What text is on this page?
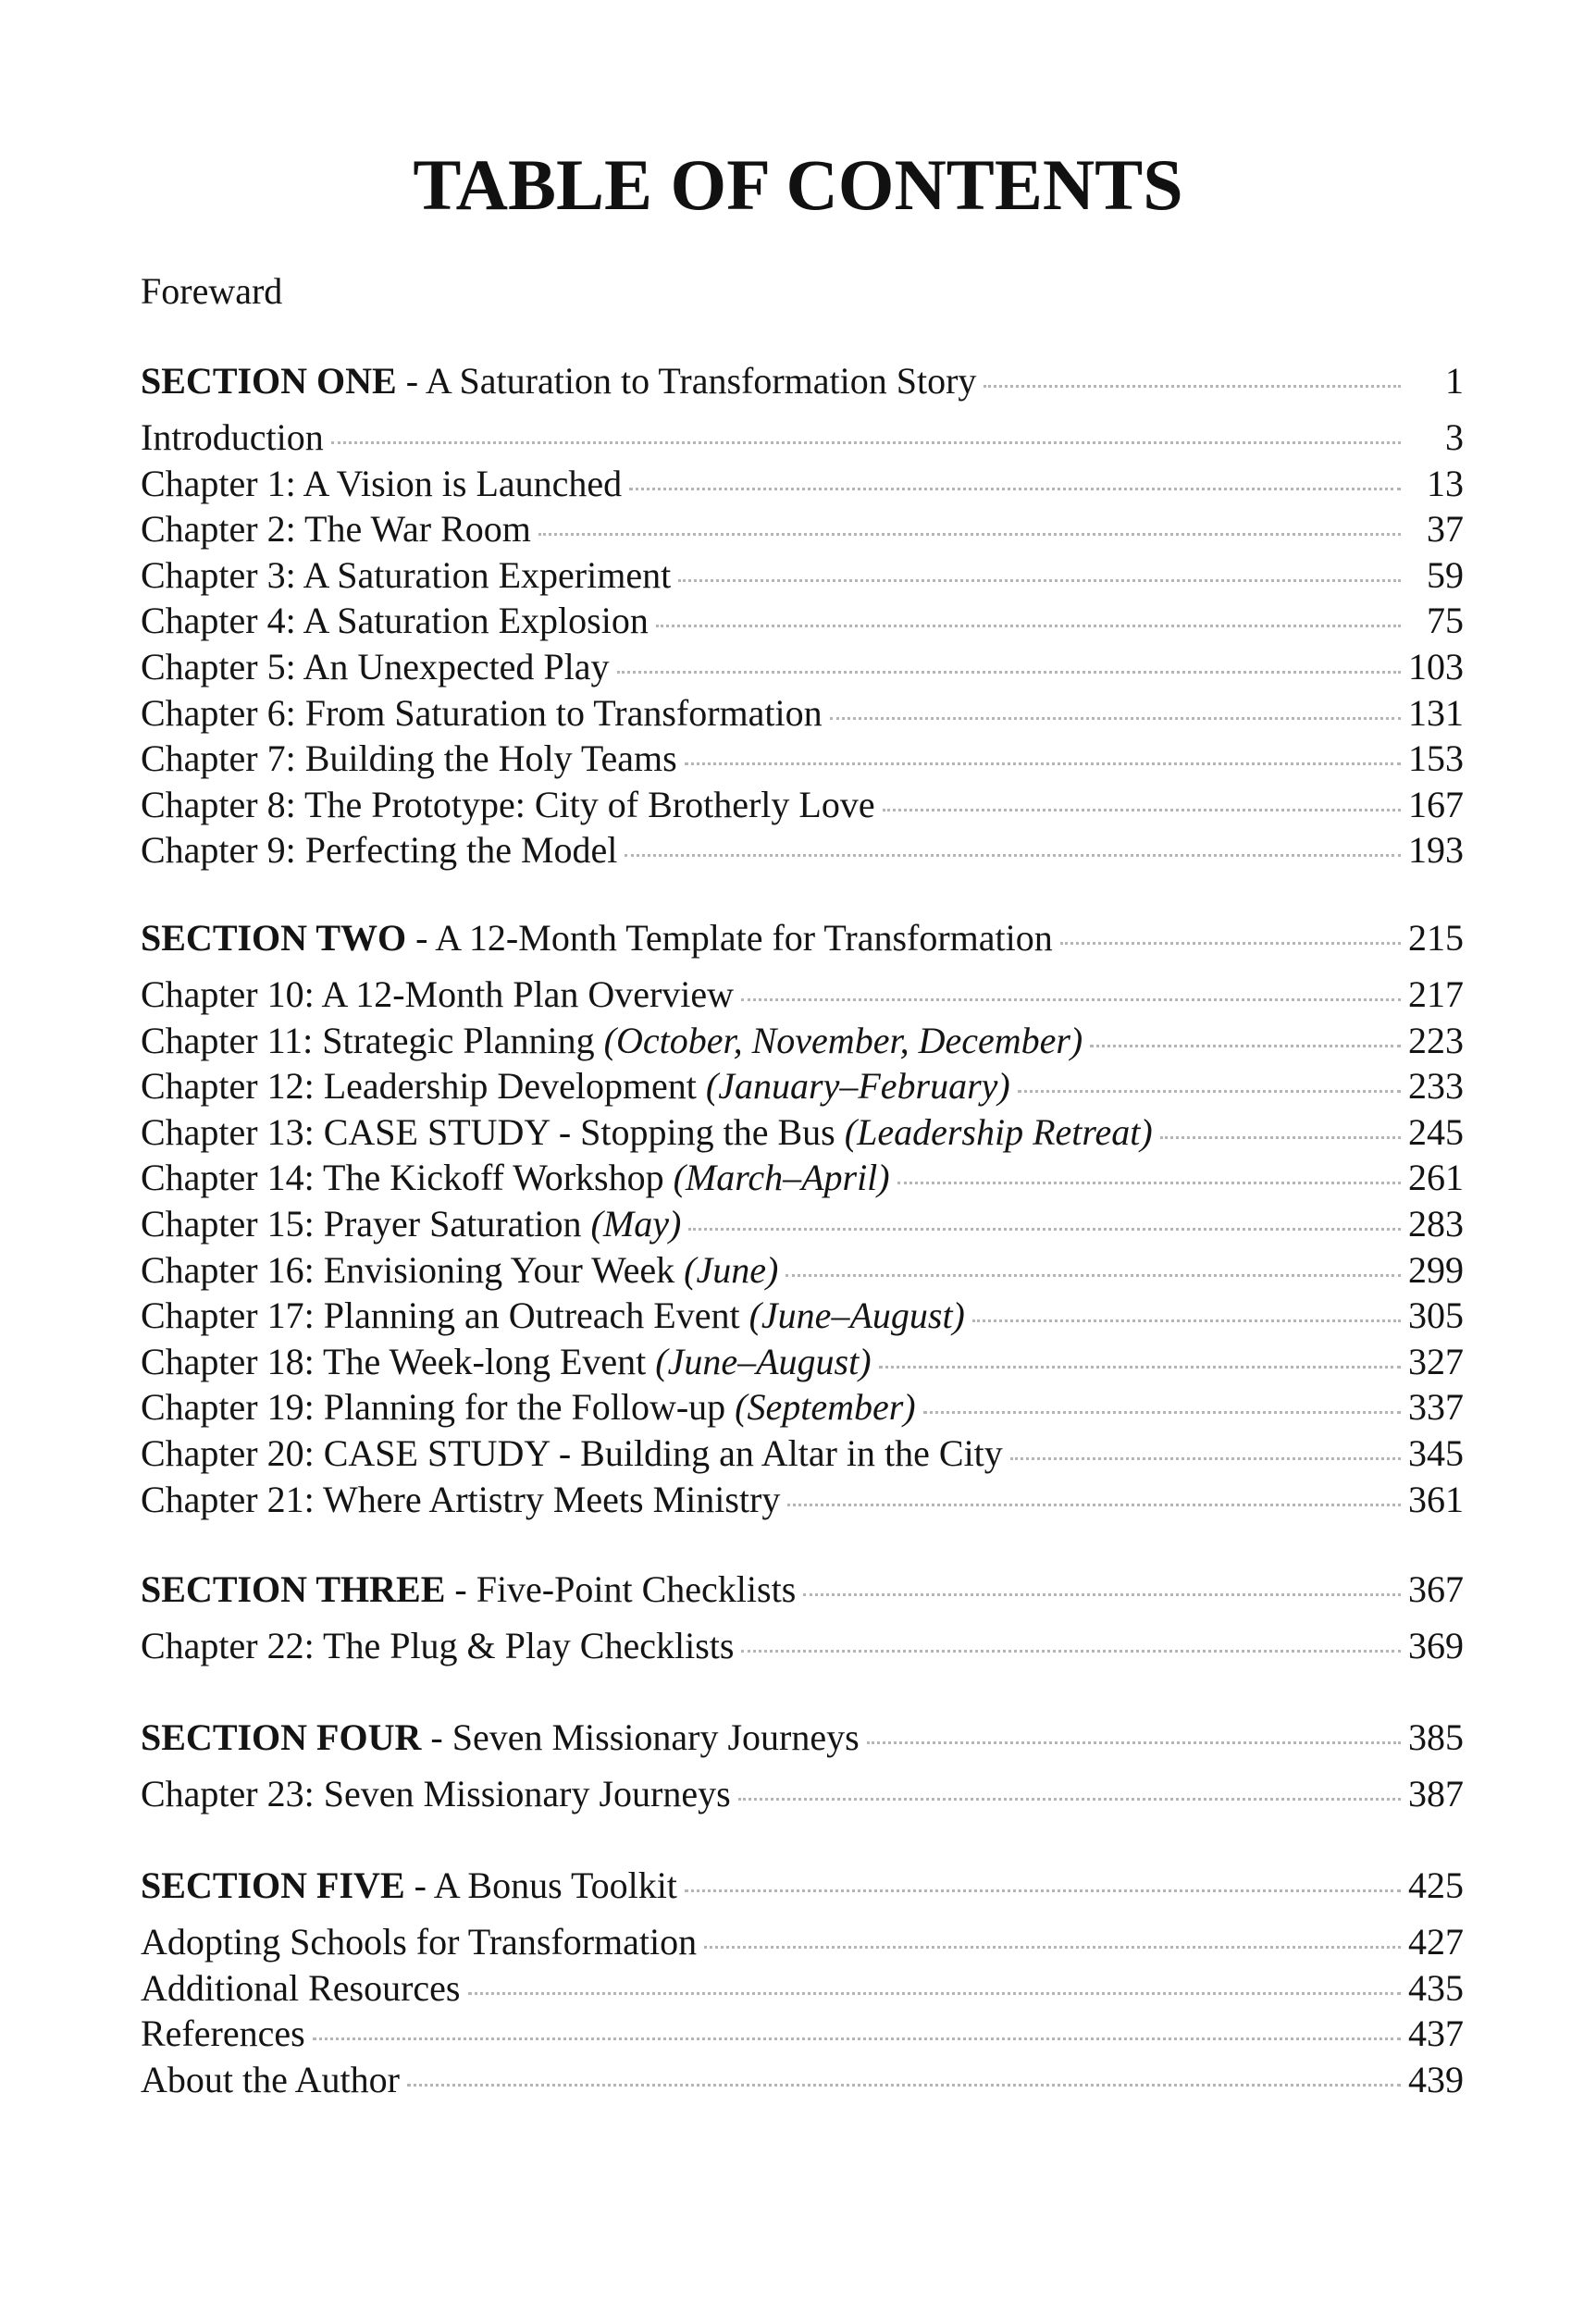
TABLE OF CONTENTS
Foreward
SECTION ONE - A Saturation to Transformation Story	1
Introduction	3
Chapter 1: A Vision is Launched	13
Chapter 2: The War Room	37
Chapter 3: A Saturation Experiment	59
Chapter 4: A Saturation Explosion	75
Chapter 5: An Unexpected Play	103
Chapter 6: From Saturation to Transformation	131
Chapter 7: Building the Holy Teams	153
Chapter 8: The Prototype: City of Brotherly Love	167
Chapter 9: Perfecting the Model	193
SECTION TWO - A 12-Month Template for Transformation	215
Chapter 10: A 12-Month Plan Overview	217
Chapter 11: Strategic Planning (October, November, December)	223
Chapter 12: Leadership Development (January–February)	233
Chapter 13: CASE STUDY - Stopping the Bus (Leadership Retreat)	245
Chapter 14: The Kickoff Workshop (March–April)	261
Chapter 15: Prayer Saturation (May)	283
Chapter 16: Envisioning Your Week (June)	299
Chapter 17: Planning an Outreach Event (June–August)	305
Chapter 18: The Week-long Event (June–August)	327
Chapter 19: Planning for the Follow-up (September)	337
Chapter 20: CASE STUDY - Building an Altar in the City	345
Chapter 21: Where Artistry Meets Ministry	361
SECTION THREE - Five-Point Checklists	367
Chapter 22: The Plug & Play Checklists	369
SECTION FOUR - Seven Missionary Journeys	385
Chapter 23: Seven Missionary Journeys	387
SECTION FIVE - A Bonus Toolkit	425
Adopting Schools for Transformation	427
Additional Resources	435
References	437
About the Author	439
